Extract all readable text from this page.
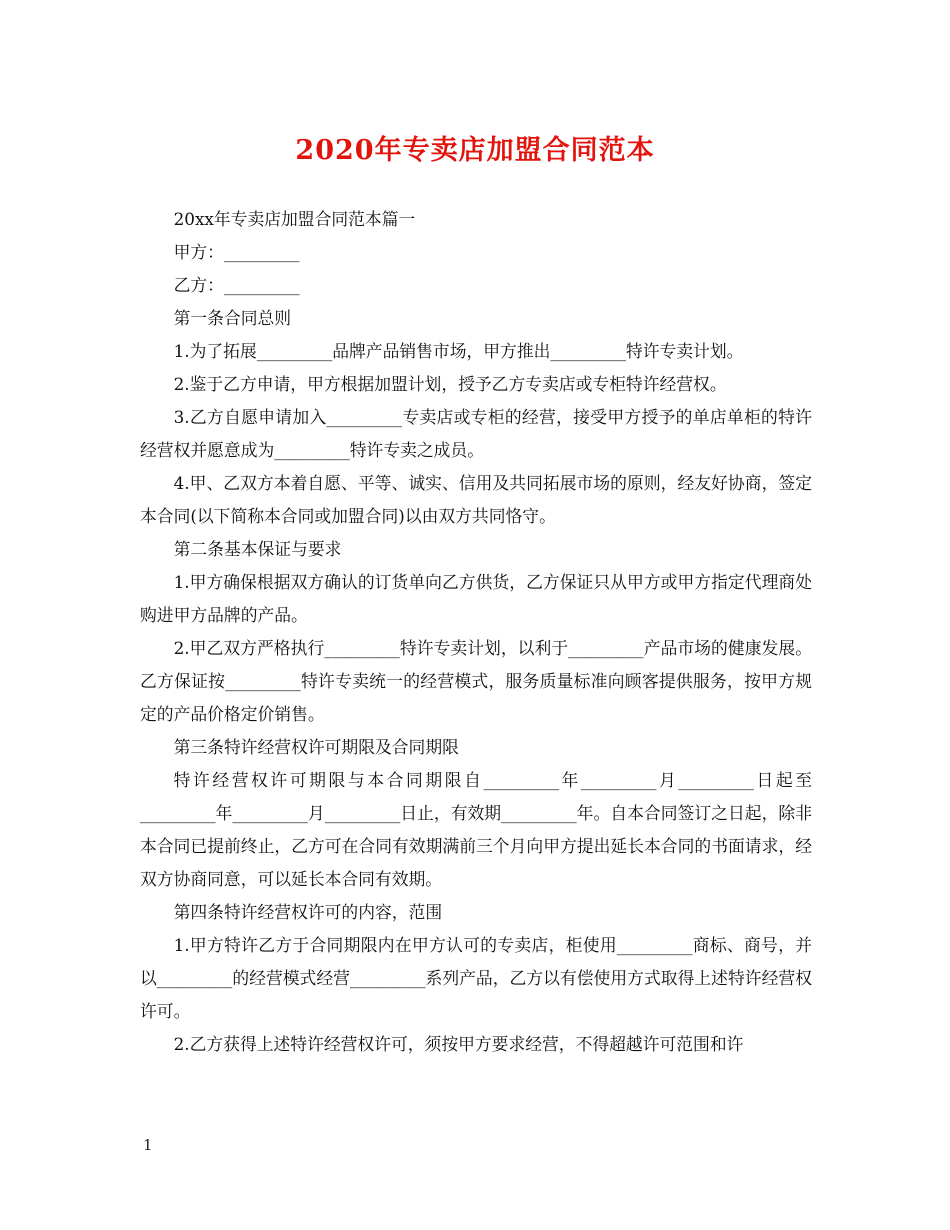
2020年专卖店加盟合同范本

20xx年专卖店加盟合同范本篇一

甲方：_________

乙方：_________

第一条合同总则

1.为了拓展_________品牌产品销售市场，甲方推出_________特许专卖计划。

2.鉴于乙方申请，甲方根据加盟计划，授予乙方专卖店或专柜特许经营权。

3.乙方自愿申请加入_________专卖店或专柜的经营，接受甲方授予的单店单柜的特许经营权并愿意成为_________特许专卖之成员。

4.甲、乙双方本着自愿、平等、诚实、信用及共同拓展市场的原则，经友好协商，签定本合同(以下简称本合同或加盟合同)以由双方共同恪守。

第二条基本保证与要求

1.甲方确保根据双方确认的订货单向乙方供货，乙方保证只从甲方或甲方指定代理商处购进甲方品牌的产品。

2.甲乙双方严格执行_________特许专卖计划，以利于_________产品市场的健康发展。乙方保证按_________特许专卖统一的经营模式，服务质量标准向顾客提供服务，按甲方规定的产品价格定价销售。

第三条特许经营权许可期限及合同期限

特许经营权许可期限与本合同期限自_________年_________月_________日起至_________年_________月_________日止，有效期_________年。自本合同签订之日起，除非本合同已提前终止，乙方可在合同有效期满前三个月向甲方提出延长本合同的书面请求，经双方协商同意，可以延长本合同有效期。

第四条特许经营权许可的内容，范围

1.甲方特许乙方于合同期限内在甲方认可的专卖店，柜使用_________商标、商号，并以_________的经营模式经营_________系列产品，乙方以有偿使用方式取得上述特许经营权许可。

2.乙方获得上述特许经营权许可，须按甲方要求经营，不得超越许可范围和许

1
